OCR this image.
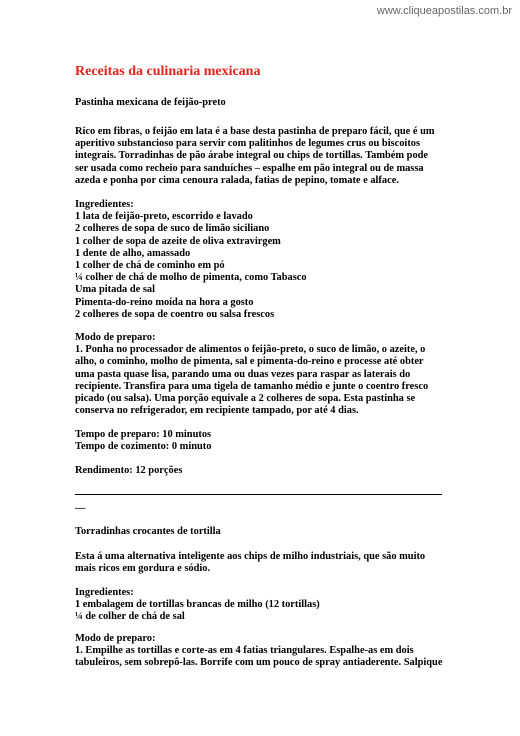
www.cliqueapostilas.com.br
Receitas da culinaria mexicana
Pastinha mexicana de feijão-preto
Rico em fibras, o feijão em lata é a base desta pastinha de preparo fácil, que é um
aperitivo substancioso para servir com palitinhos de legumes crus ou biscoitos
integrais. Torradinhas de pão árabe integral ou chips de tortillas. Também pode
ser usada como recheio para sanduíches – espalhe em pão integral ou de massa
azeda e ponha por cima cenoura ralada, fatias de pepino, tomate e alface.
Ingredientes:
1 lata de feijão-preto, escorrido e lavado
2 colheres de sopa de suco de limão siciliano
1 colher de sopa de azeite de oliva extravirgem
1 dente de alho, amassado
1 colher de chá de cominho em pó
¼ colher de chá de molho de pimenta, como Tabasco
Uma pitada de sal
Pimenta-do-reino moída na hora a gosto
2 colheres de sopa de coentro ou salsa frescos
Modo de preparo:
1. Ponha no processador de alimentos o feijão-preto, o suco de limão, o azeite, o
alho, o cominho, molho de pimenta, sal e pimenta-do-reino e processe até obter
uma pasta quase lisa, parando uma ou duas vezes para raspar as laterais do
recipiente. Transfira para uma tigela de tamanho médio e junte o coentro fresco
picado (ou salsa). Uma porção equivale a 2 colheres de sopa. Esta pastinha se
conserva no refrigerador, em recipiente tampado, por até 4 dias.
Tempo de preparo: 10 minutos
Tempo de cozimento: 0 minuto
Rendimento: 12 porções
—
Torradinhas crocantes de tortilla
Esta á uma alternativa inteligente aos chips de milho industriais, que são muito
mais ricos em gordura e sódio.
Ingredientes:
1 embalagem de tortillas brancas de milho (12 tortillas)
¼ de colher de chá de sal
Modo de preparo:
1. Empilhe as tortillas e corte-as em 4 fatias triangulares. Espalhe-as em dois
tabuleiros, sem sobrepô-las. Borrife com um pouco de spray antiaderente. Salpique
